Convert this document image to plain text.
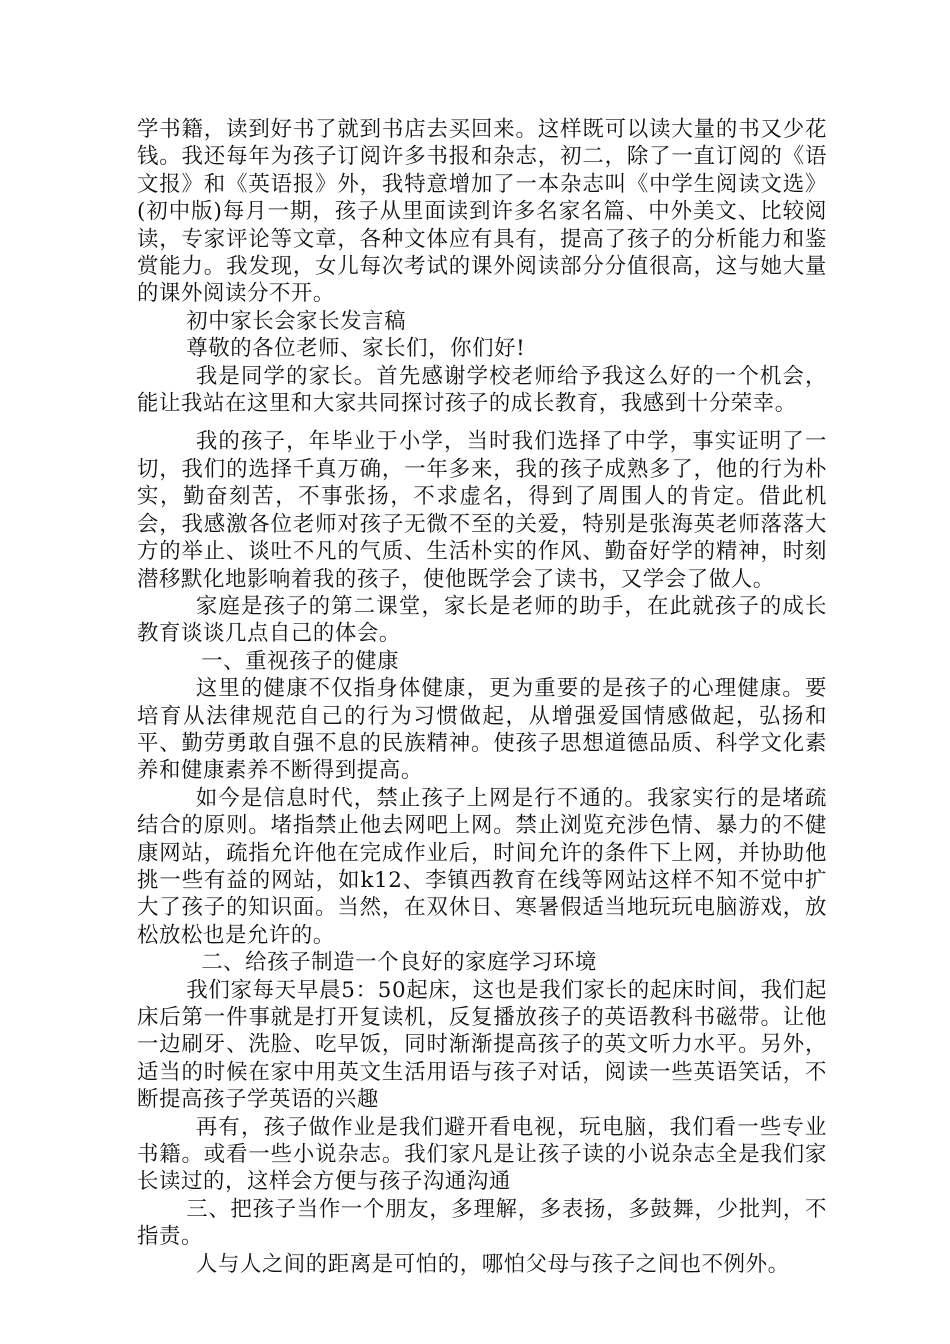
学书籍，读到好书了就到书店去买回来。这样既可以读大量的书又少花钱。我还每年为孩子订阅许多书报和杂志，初二，除了一直订阅的《语文报》和《英语报》外，我特意增加了一本杂志叫《中学生阅读文选》(初中版)每月一期，孩子从里面读到许多名家名篇、中外美文、比较阅读，专家评论等文章，各种文体应有具有，提高了孩子的分析能力和鉴赏能力。我发现，女儿每次考试的课外阅读部分分值很高，这与她大量的课外阅读分不开。

初中家长会家长发言稿

尊敬的各位老师、家长们，你们好!

我是同学的家长。首先感谢学校老师给予我这么好的一个机会，能让我站在这里和大家共同探讨孩子的成长教育，我感到十分荣幸。

我的孩子，年毕业于小学，当时我们选择了中学，事实证明了一切，我们的选择千真万确，一年多来，我的孩子成熟多了，他的行为朴实，勤奋刻苦，不事张扬，不求虚名，得到了周围人的肯定。借此机会，我感激各位老师对孩子无微不至的关爱，特别是张海英老师落落大方的举止、谈吐不凡的气质、生活朴实的作风、勤奋好学的精神，时刻潜移默化地影响着我的孩子，使他既学会了读书，又学会了做人。

家庭是孩子的第二课堂，家长是老师的助手，在此就孩子的成长教育谈谈几点自己的体会。

一、重视孩子的健康

这里的健康不仅指身体健康，更为重要的是孩子的心理健康。要培育从法律规范自己的行为习惯做起，从增强爱国情感做起，弘扬和平、勤劳勇敢自强不息的民族精神。使孩子思想道德品质、科学文化素养和健康素养不断得到提高。

如今是信息时代，禁止孩子上网是行不通的。我家实行的是堵疏结合的原则。堵指禁止他去网吧上网。禁止浏览充涉色情、暴力的不健康网站，疏指允许他在完成作业后，时间允许的条件下上网，并协助他挑一些有益的网站，如k12、李镇西教育在线等网站这样不知不觉中扩大了孩子的知识面。当然，在双休日、寒暑假适当地玩玩电脑游戏，放松放松也是允许的。

二、给孩子制造一个良好的家庭学习环境

我们家每天早晨5：50起床，这也是我们家长的起床时间，我们起床后第一件事就是打开复读机，反复播放孩子的英语教科书磁带。让他一边刷牙、洗脸、吃早饭，同时渐渐提高孩子的英文听力水平。另外，适当的时候在家中用英文生活用语与孩子对话，阅读一些英语笑话，不断提高孩子学英语的兴趣

再有，孩子做作业是我们避开看电视，玩电脑，我们看一些专业书籍。或看一些小说杂志。我们家凡是让孩子读的小说杂志全是我们家长读过的，这样会方便与孩子沟通沟通

三、把孩子当作一个朋友，多理解，多表扬，多鼓舞，少批判，不指责。

人与人之间的距离是可怕的，哪怕父母与孩子之间也不例外。
